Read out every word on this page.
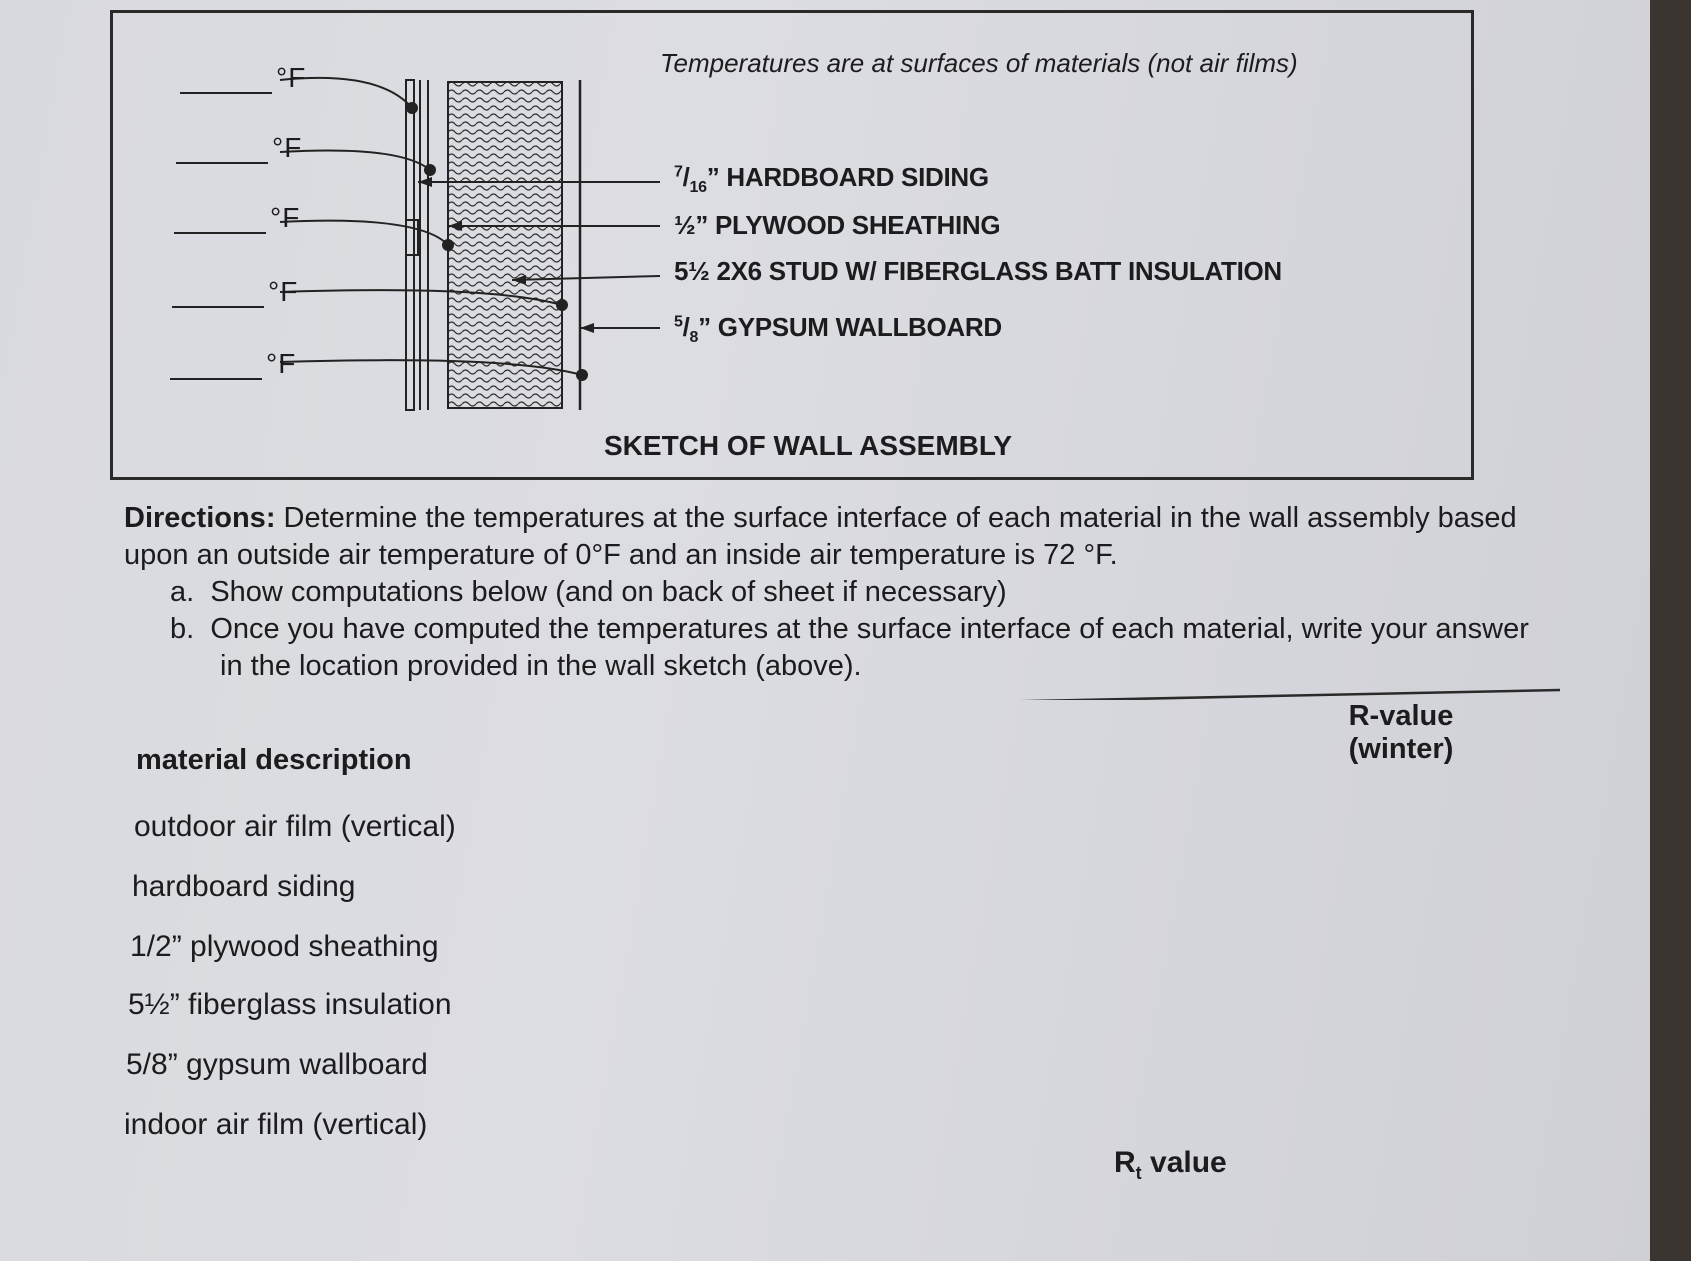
°F
°F
°F
°F
°F
Temperatures are at surfaces of materials (not air films)
$^7/_{16}$” HARDBOARD SIDING
½” PLYWOOD SHEATHING
5½ 2X6 STUD W/ FIBERGLASS BATT INSULATION
$^5/_8$” GYPSUM WALLBOARD
SKETCH OF WALL ASSEMBLY
Directions: Determine the temperatures at the surface interface of each material in the wall assembly based upon an outside air temperature of 0°F and an inside air temperature is 72 °F.
a. Show computations below (and on back of sheet if necessary)
b. Once you have computed the temperatures at the surface interface of each material, write your answer in the location provided in the wall sketch (above).
material description
R-value
(winter)
outdoor air film (vertical)
hardboard siding
1/2” plywood sheathing
5½” fiberglass insulation
5/8” gypsum wallboard
indoor air film (vertical)
$R_t$ value
